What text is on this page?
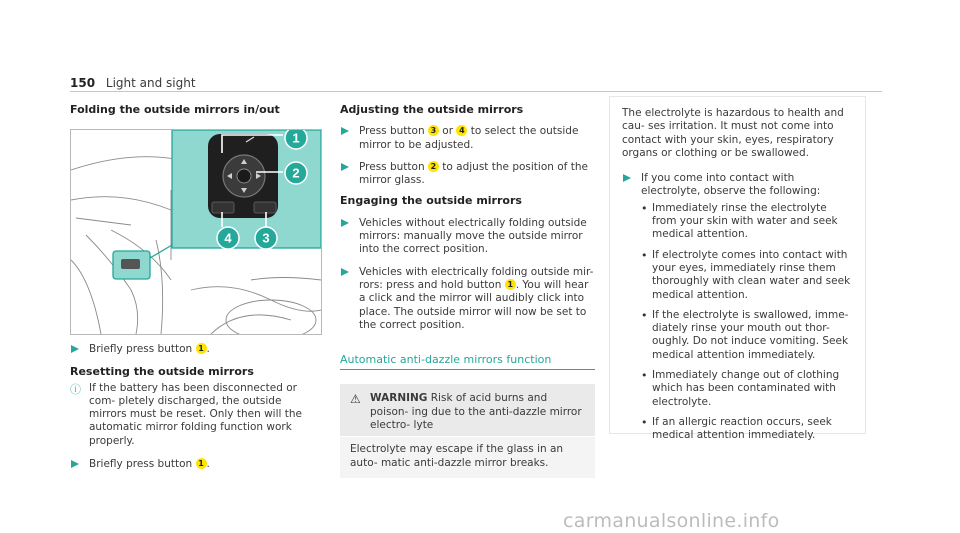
150 Light and sight
Folding the outside mirrors in/out
1
2
4 3
Briefly press button 1 .
Resetting the outside mirrors
ⓘ If the battery has been disconnected or com- pletely discharged, the outside mirrors must be reset. Only then will the automatic mirror folding function work properly.
Briefly press button 1 .
Adjusting the outside mirrors
Press button 3 or 4 to select the outside mirror to be adjusted.
Press button 2 to adjust the position of the mirror glass.
Engaging the outside mirrors
Vehicles without electrically folding outside mirrors: manually move the outside mirror into the correct position.
Vehicles with electrically folding outside mir- rors: press and hold button 1 . You will hear a click and the mirror will audibly click into place. The outside mirror will now be set to the correct position.
Automatic anti-dazzle mirrors function
⚠ WARNING Risk of acid burns and poison- ing due to the anti-dazzle mirror electro- lyte
Electrolyte may escape if the glass in an auto- matic anti-dazzle mirror breaks.
The electrolyte is hazardous to health and cau- ses irritation. It must not come into contact with your skin, eyes, respiratory organs or clothing or be swallowed.
If you come into contact with electrolyte, observe the following:
• Immediately rinse the electrolyte from your skin with water and seek medical attention.
• If electrolyte comes into contact with your eyes, immediately rinse them thoroughly with clean water and seek medical attention.
• If the electrolyte is swallowed, imme- diately rinse your mouth out thor- oughly. Do not induce vomiting. Seek medical attention immediately.
• Immediately change out of clothing which has been contaminated with electrolyte.
• If an allergic reaction occurs, seek medical attention immediately.
carmanualsonline.info
